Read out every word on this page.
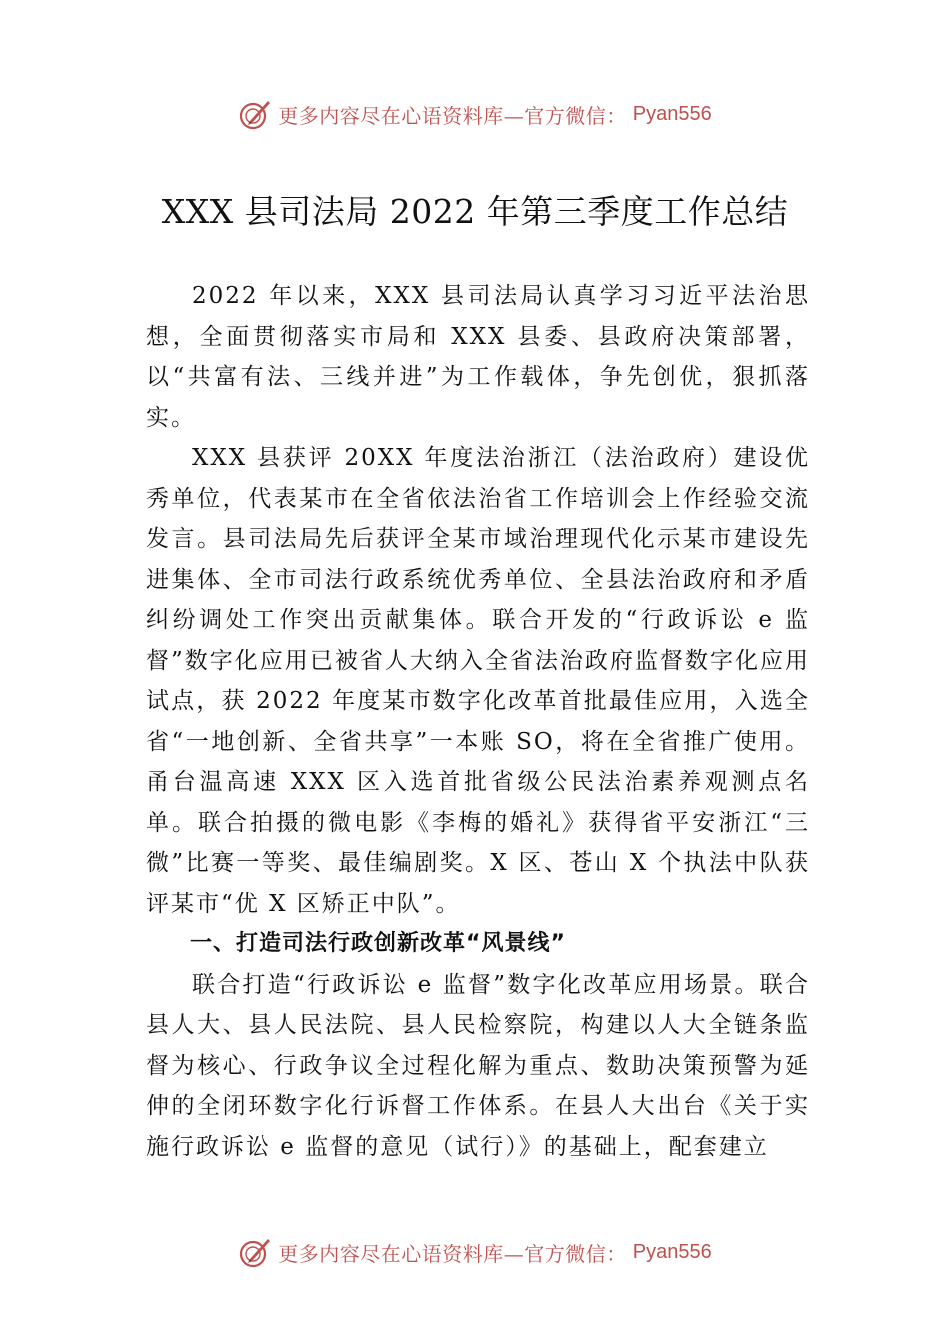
更多内容尽在心语资料库—官方微信： Pyan556
XXX 县司法局 2022 年第三季度工作总结

2022 年以来，XXX 县司法局认真学习习近平法治思想，全面贯彻落实市局和 XXX 县委、县政府决策部署，以“共富有法、三线并进”为工作载体，争先创优，狠抓落实。

XXX 县获评 20XX 年度法治浙江（法治政府）建设优秀单位，代表某市在全省依法治省工作培训会上作经验交流发言。县司法局先后获评全某市域治理现代化示某市建设先进集体、全市司法行政系统优秀单位、全县法治政府和矛盾纠纷调处工作突出贡献集体。联合开发的“行政诉讼 e 监督”数字化应用已被省人大纳入全省法治政府监督数字化应用试点，获 2022 年度某市数字化改革首批最佳应用，入选全省“一地创新、全省共享”一本账 SO，将在全省推广使用。甬台温高速 XXX 区入选首批省级公民法治素养观测点名单。联合拍摄的微电影《李梅的婚礼》获得省平安浙江“三微”比赛一等奖、最佳编剧奖。X 区、苍山 X 个执法中队获评某市“优 X 区矫正中队”。

一、打造司法行政创新改革“风景线”

联合打造“行政诉讼 e 监督”数字化改革应用场景。联合县人大、县人民法院、县人民检察院，构建以人大全链条监督为核心、行政争议全过程化解为重点、数助决策预警为延伸的全闭环数字化行诉督工作体系。在县人大出台《关于实施行政诉讼 e 监督的意见（试行）》的基础上，配套建立

更多内容尽在心语资料库—官方微信： Pyan556
